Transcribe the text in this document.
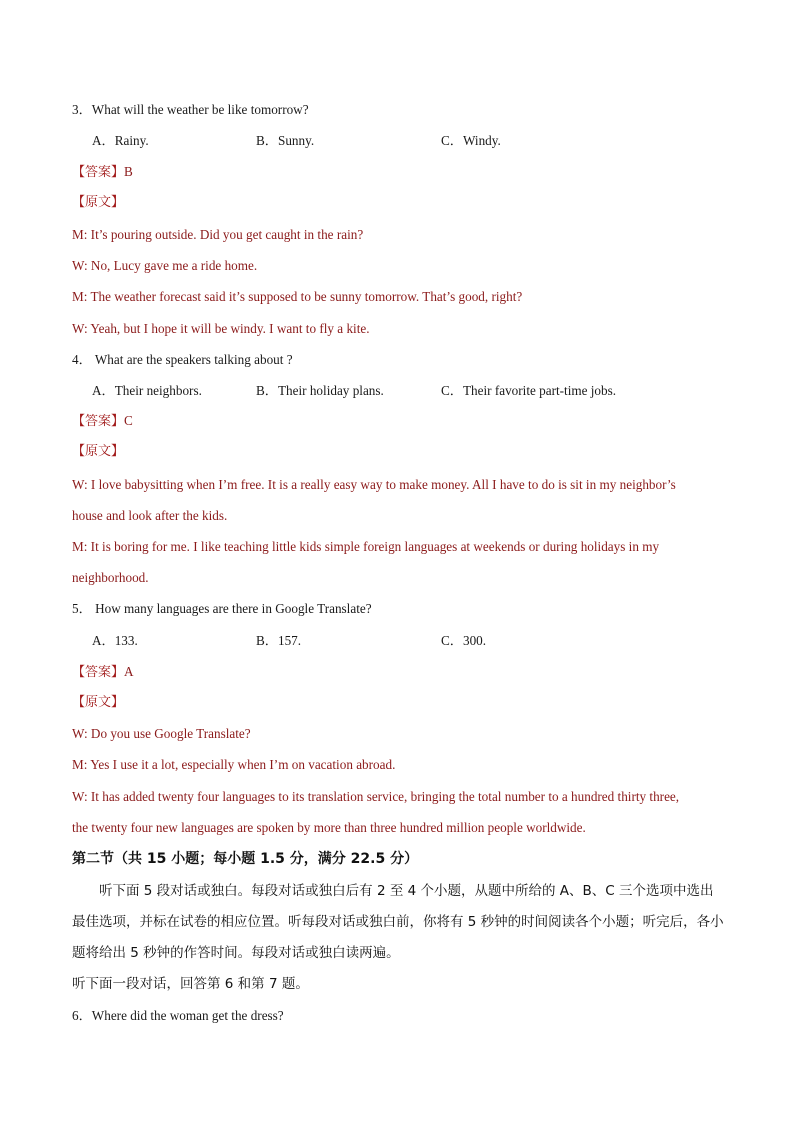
3．What will the weather be like tomorrow?
A．Rainy.	B．Sunny.	C．Windy.
【答案】B
【原文】
M: It’s pouring outside. Did you get caught in the rain?
W: No, Lucy gave me a ride home.
M: The weather forecast said it’s supposed to be sunny tomorrow. That’s good, right?
W: Yeah, but I hope it will be windy. I want to fly a kite.
4． What are the speakers talking about ?
A．Their neighbors.	B．Their holiday plans.	C．Their favorite part-time jobs.
【答案】C
【原文】
W: I love babysitting when I’m free. It is a really easy way to make money. All I have to do is sit in my neighbor’s
house and look after the kids.
M: It is boring for me. I like teaching little kids simple foreign languages at weekends or during holidays in my
neighborhood.
5． How many languages are there in Google Translate?
A．133.	B．157.	C．300.
【答案】A
【原文】
W: Do you use Google Translate?
M: Yes I use it a lot, especially when I’m on vacation abroad.
W: It has added twenty four languages to its translation service, bringing the total number to a hundred thirty three,
the twenty four new languages are spoken by more than three hundred million people worldwide.
第二节（共 15 小题；每小题 1.5 分，满分 22.5 分）
听下面 5 段对话或独白。每段对话或独白后有 2 至 4 个小题，从题中所给的 A、B、C 三个选项中选出最佳选项，并标在试卷的相应位置。听每段对话或独白前，你将有 5 秒钟的时间阅读各个小题；听完后，各小题将给出 5 秒钟的作答时间。每段对话或独白读两遍。
听下面一段对话，回答第 6 和第 7 题。
6．Where did the woman get the dress?
